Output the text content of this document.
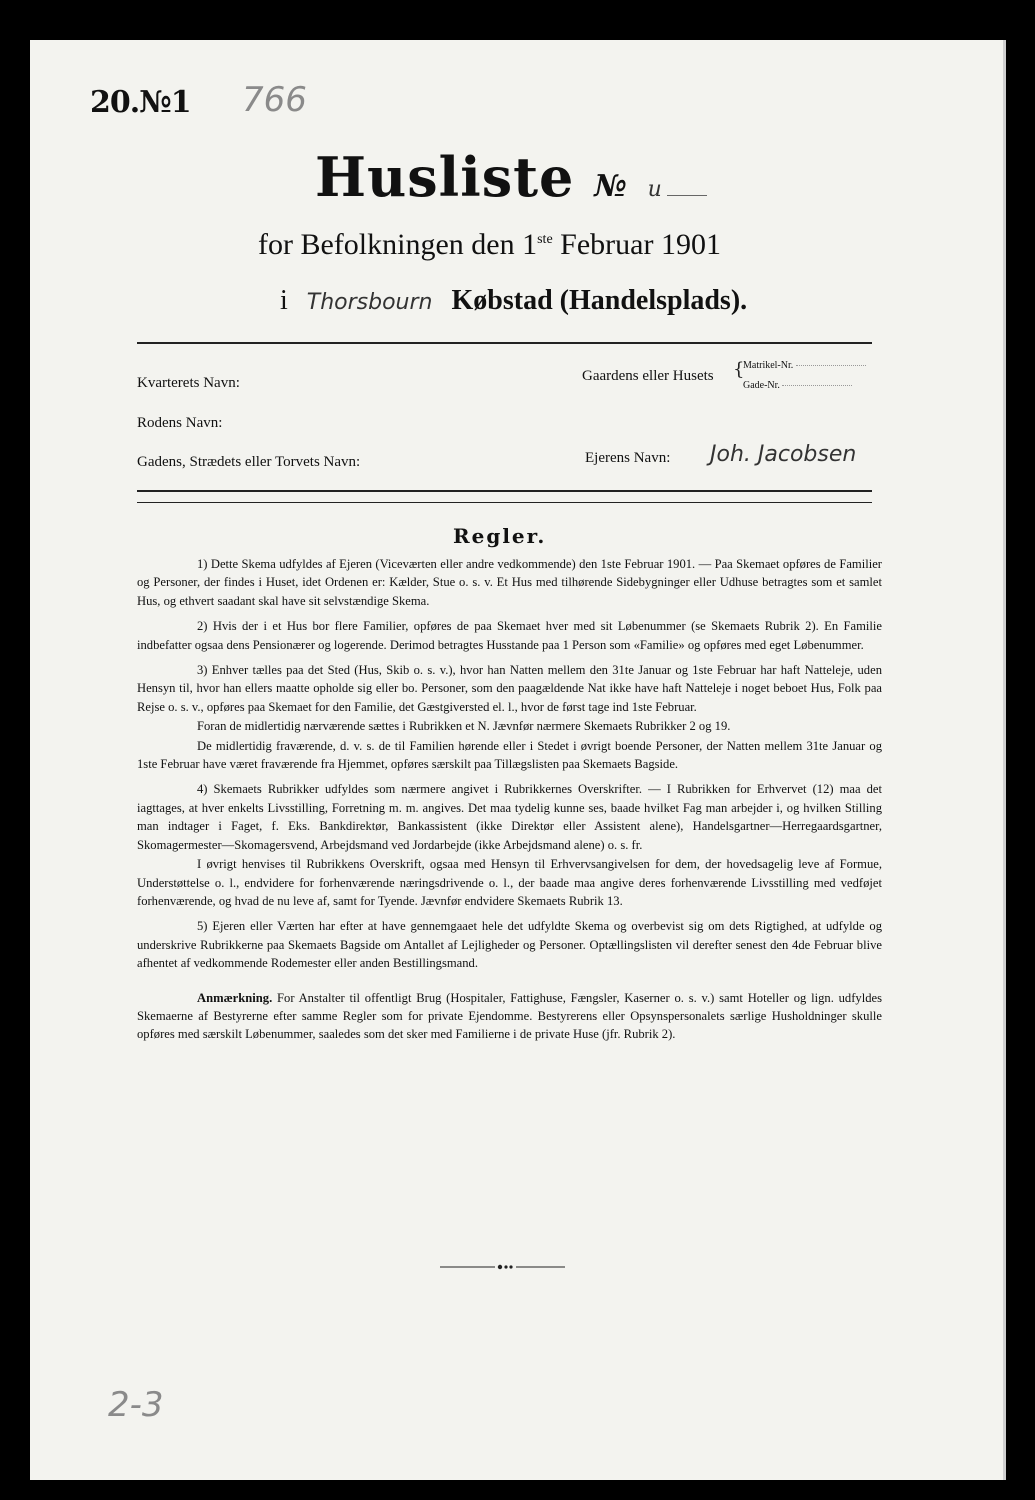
20.№1 766
Husliste № u
for Befolkningen den 1ste Februar 1901
i Thorsbourn Købstad (Handelsplads).
Kvarterets Navn:
Rodens Navn:
Gadens, Strædets eller Torvets Navn:
Gaardens eller Husets {
Matrikel-Nr.
Gade-Nr.
Ejerens Navn: Joh. Jacobsen
Regler.

1) Dette Skema udfyldes af Ejeren (Viceværten eller andre vedkommende) den 1ste Februar 1901. — Paa Skemaet opføres de Familier og Personer, der findes i Huset, idet Ordenen er: Kælder, Stue o. s. v. Et Hus med tilhørende Sidebygninger eller Udhuse betragtes som et samlet Hus, og ethvert saadant skal have sit selvstændige Skema.

2) Hvis der i et Hus bor flere Familier, opføres de paa Skemaet hver med sit Løbenummer (se Skemaets Rubrik 2). En Familie indbefatter ogsaa dens Pensionærer og logerende. Derimod betragtes Husstande paa 1 Person som «Familie» og opføres med eget Løbenummer.

3) Enhver tælles paa det Sted (Hus, Skib o. s. v.), hvor han Natten mellem den 31te Januar og 1ste Februar har haft Nattelejе, uden Hensyn til, hvor han ellers maatte opholde sig eller bo. Personer, som den paagældende Nat ikke have haft Nattelejе i noget beboet Hus, Folk paa Rejse o. s. v., opføres paa Skemaet for den Familie, det Gæstgiversted el. l., hvor de først tage ind 1ste Februar.

Foran de midlertidig nærværende sættes i Rubrikken et N. Jævnfør nærmere Skemaets Rubrikker 2 og 19.

De midlertidig fraværende, d. v. s. de til Familien hørende eller i Stedet i øvrigt boende Personer, der Natten mellem 31te Januar og 1ste Februar have været fraværende fra Hjemmet, opføres særskilt paa Tillægslisten paa Skemaets Bagside.

4) Skemaets Rubrikker udfyldes som nærmere angivet i Rubrikkernes Overskrifter. — I Rubrikken for Erhvervet (12) maa det iagttages, at hver enkelts Livsstilling, Forretning m. m. angives. Det maa tydelig kunne ses, baade hvilket Fag man arbejder i, og hvilken Stilling man indtager i Faget, f. Eks. Bankdirektør, Bankassistent (ikke Direktør eller Assistent alene), Handelsgartner—Herregaardsgartner, Skomagermester—Skomagersvend, Arbejdsmand ved Jordarbejde (ikke Arbejdsmand alene) o. s. fr.

I øvrigt henvises til Rubrikkens Overskrift, ogsaa med Hensyn til Erhvervsangivelsen for dem, der hovedsagelig leve af Formue, Understøttelse o. l., endvidere for forhenværende næringsdrivende o. l., der baade maa angive deres forhenværende Livsstilling med vedføjet forhenværende, og hvad de nu leve af, samt for Tyende. Jævnfør endvidere Skemaets Rubrik 13.

5) Ejeren eller Værten har efter at have gennemgaaet hele det udfyldte Skema og overbevist sig om dets Rigtighed, at udfylde og underskrive Rubrikkerne paa Skemaets Bagside om Antallet af Lejligheder og Personer. Optællingslisten vil derefter senest den 4de Februar blive afhentet af vedkommende Rodemester eller anden Bestillingsmand.

Anmærkning. For Anstalter til offentligt Brug (Hospitaler, Fattighuse, Fængsler, Kaserner o. s. v.) samt Hoteller og lign. udfyldes Skemaerne af Bestyrerne efter samme Regler som for private Ejendomme. Bestyrerens eller Opsynspersonalets særlige Husholdninger skulle opføres med særskilt Løbenummer, saaledes som det sker med Familierne i de private Huse (jfr. Rubrik 2).

2-3
